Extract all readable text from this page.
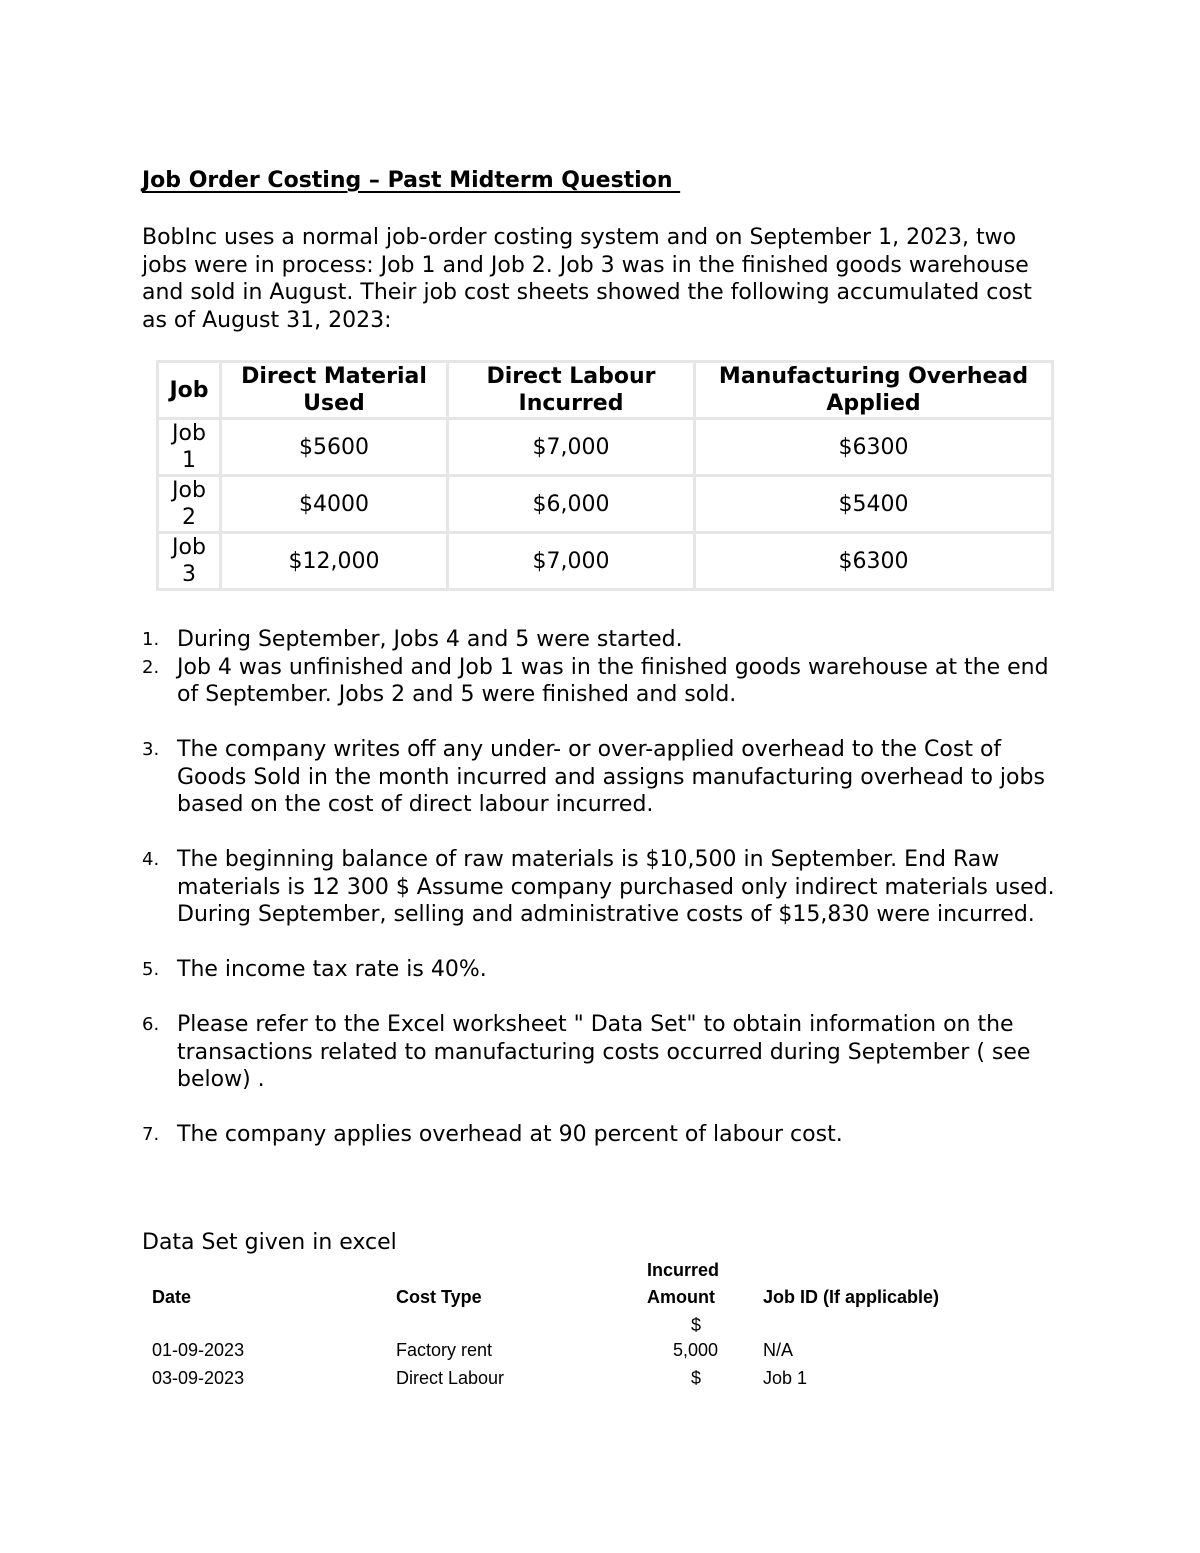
Job Order Costing – Past Midterm Question
BobInc uses a normal job-order costing system and on September 1, 2023, two jobs were in process: Job 1 and Job 2. Job 3 was in the finished goods warehouse and sold in August. Their job cost sheets showed the following accumulated cost as of August 31, 2023:
Job	Direct Material Used	Direct Labour Incurred	Manufacturing Overhead Applied
Job 1	$5600	$7,000	$6300
Job 2	$4000	$6,000	$5400
Job 3	$12,000	$7,000	$6300
1. During September, Jobs 4 and 5 were started.
2. Job 4 was unfinished and Job 1 was in the finished goods warehouse at the end of September. Jobs 2 and 5 were finished and sold.
3. The company writes off any under- or over-applied overhead to the Cost of Goods Sold in the month incurred and assigns manufacturing overhead to jobs based on the cost of direct labour incurred.
4. The beginning balance of raw materials is $10,500 in September. End Raw materials is 12 300 $ Assume company purchased only indirect materials used. During September, selling and administrative costs of $15,830 were incurred.
5. The income tax rate is 40%.
6. Please refer to the Excel worksheet " Data Set" to obtain information on the transactions related to manufacturing costs occurred during September ( see below) .
7. The company applies overhead at 90 percent of labour cost.
Data Set given in excel
Incurred
Date	Cost Type	Amount	Job ID (If applicable)
$
01-09-2023	Factory rent	5,000	N/A
03-09-2023	Direct Labour	$	Job 1
